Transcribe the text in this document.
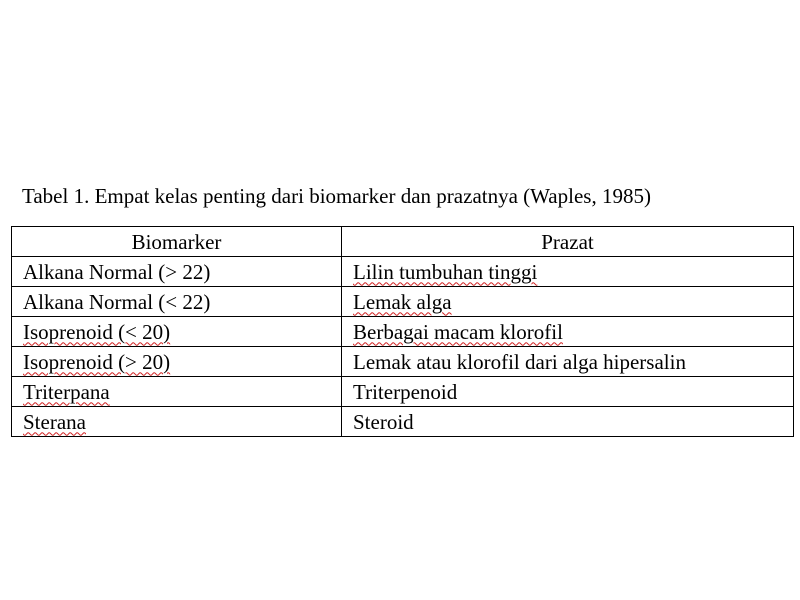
Tabel 1. Empat kelas penting dari biomarker dan prazatnya (Waples, 1985)
Biomarker	Prazat
Alkana Normal (> 22)	Lilin tumbuhan tinggi
Alkana Normal (< 22)	Lemak alga
Isoprenoid (< 20)	Berbagai macam klorofil
Isoprenoid (> 20)	Lemak atau klorofil dari alga hipersalin
Triterpana	Triterpenoid
Sterana	Steroid
